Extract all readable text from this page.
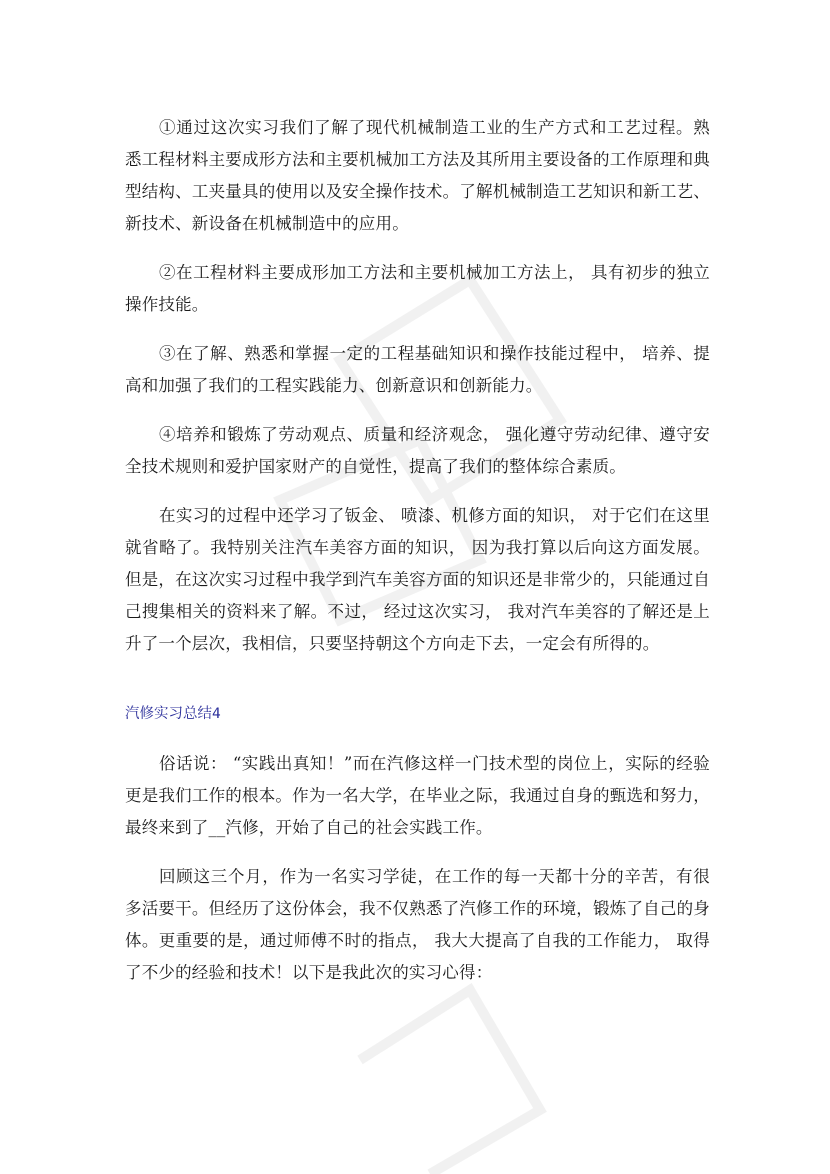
①通过这次实习我们了解了现代机械制造工业的生产方式和工艺过程。熟悉工程材料主要成形方法和主要机械加工方法及其所用主要设备的工作原理和典型结构、工夹量具的使用以及安全操作技术。了解机械制造工艺知识和新工艺、新技术、新设备在机械制造中的应用。

②在工程材料主要成形加工方法和主要机械加工方法上， 具有初步的独立操作技能。

③在了解、熟悉和掌握一定的工程基础知识和操作技能过程中， 培养、提高和加强了我们的工程实践能力、创新意识和创新能力。

④培养和锻炼了劳动观点、质量和经济观念， 强化遵守劳动纪律、遵守安全技术规则和爱护国家财产的自觉性，提高了我们的整体综合素质。

在实习的过程中还学习了钣金、 喷漆、机修方面的知识， 对于它们在这里就省略了。我特别关注汽车美容方面的知识， 因为我打算以后向这方面发展。但是，在这次实习过程中我学到汽车美容方面的知识还是非常少的，只能通过自己搜集相关的资料来了解。不过， 经过这次实习， 我对汽车美容的了解还是上升了一个层次，我相信，只要坚持朝这个方向走下去，一定会有所得的。

汽修实习总结4

俗话说： “实践出真知！”而在汽修这样一门技术型的岗位上，实际的经验更是我们工作的根本。作为一名大学，在毕业之际，我通过自身的甄选和努力，最终来到了__汽修，开始了自己的社会实践工作。

回顾这三个月，作为一名实习学徒，在工作的每一天都十分的辛苦，有很多活要干。但经历了这份体会，我不仅熟悉了汽修工作的环境，锻炼了自己的身体。更重要的是，通过师傅不时的指点， 我大大提高了自我的工作能力， 取得了不少的经验和技术！以下是我此次的实习心得：
